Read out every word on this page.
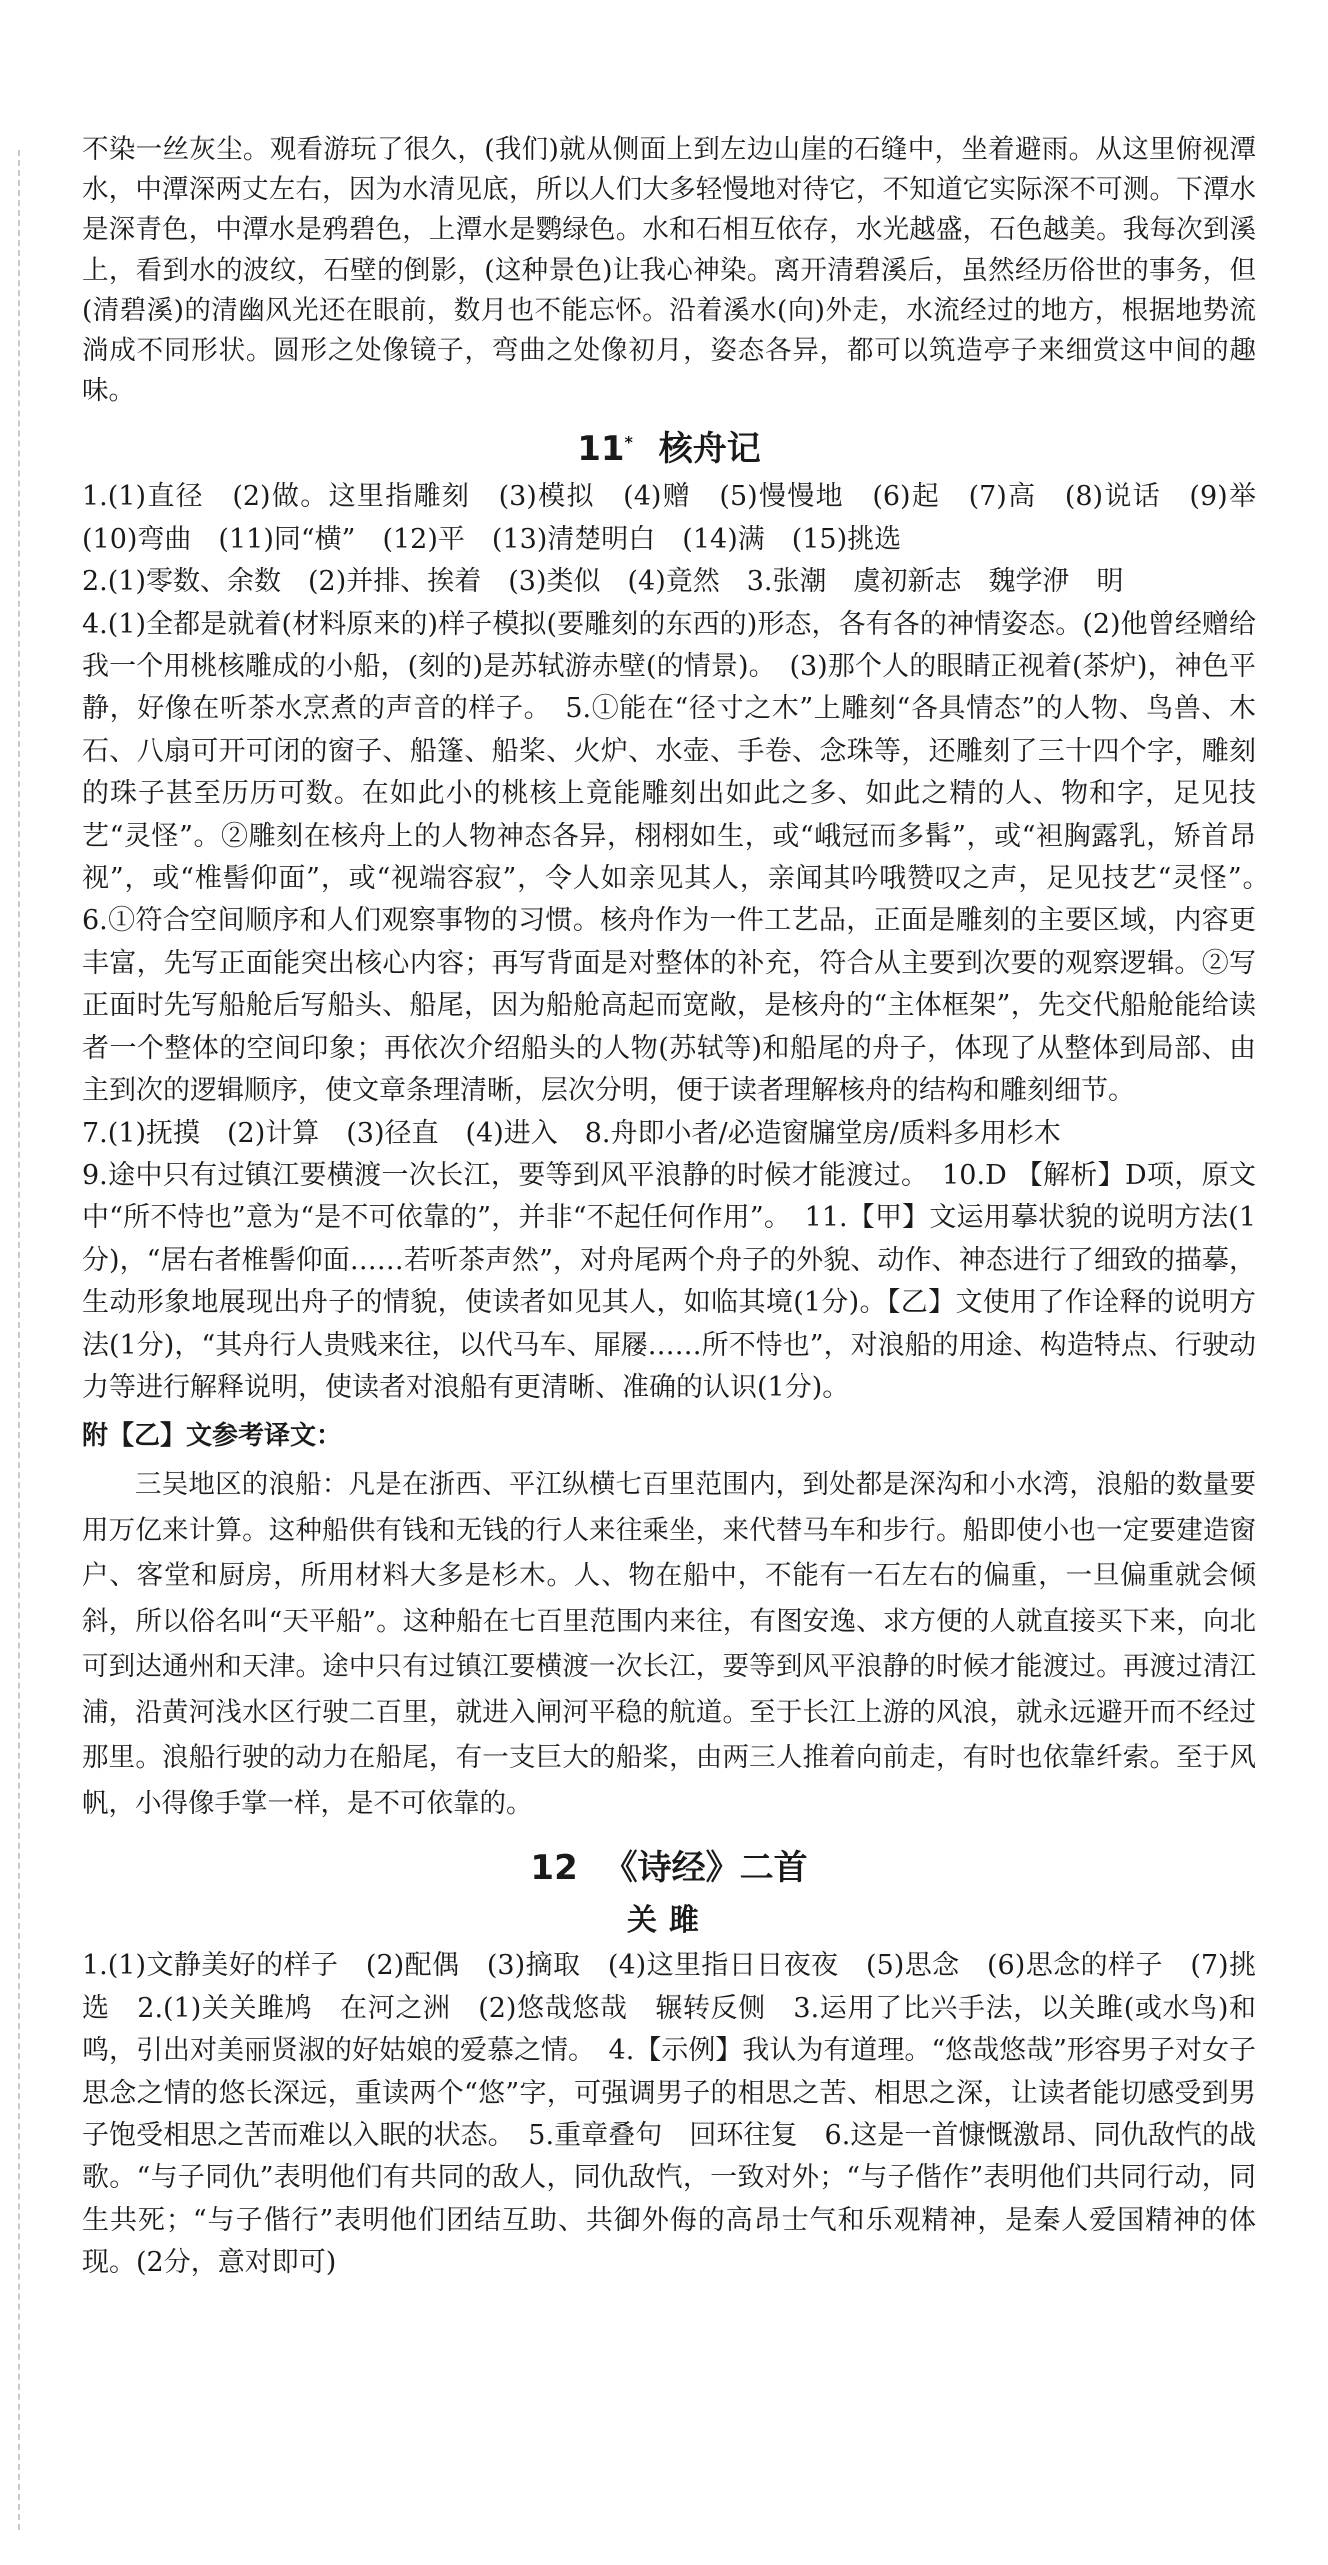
不染一丝灰尘。观看游玩了很久，(我们)就从侧面上到左边山崖的石缝中，坐着避雨。从这里俯视潭水，中潭深两丈左右，因为水清见底，所以人们大多轻慢地对待它，不知道它实际深不可测。下潭水是深青色，中潭水是鸦碧色，上潭水是鹦绿色。水和石相互依存，水光越盛，石色越美。我每次到溪上，看到水的波纹，石壁的倒影，(这种景色)让我心神染。离开清碧溪后，虽然经历俗世的事务，但(清碧溪)的清幽风光还在眼前，数月也不能忘怀。沿着溪水(向)外走，水流经过的地方，根据地势流淌成不同形状。圆形之处像镜子，弯曲之处像初月，姿态各异，都可以筑造亭子来细赏这中间的趣味。

11* 核舟记

1.(1)直径　(2)做。这里指雕刻　(3)模拟　(4)赠　(5)慢慢地　(6)起　(7)高　(8)说话　(9)举　(10)弯曲　(11)同“横”　(12)平　(13)清楚明白　(14)满　(15)挑选

2.(1)零数、余数　(2)并排、挨着　(3)类似　(4)竟然　3.张潮　虞初新志　魏学洢　明

4.(1)全都是就着(材料原来的)样子模拟(要雕刻的东西的)形态，各有各的神情姿态。(2)他曾经赠给我一个用桃核雕成的小船，(刻的)是苏轼游赤壁(的情景)。　(3)那个人的眼睛正视着(茶炉)，神色平静，好像在听茶水烹煮的声音的样子。　5.①能在“径寸之木”上雕刻“各具情态”的人物、鸟兽、木石、八扇可开可闭的窗子、船篷、船桨、火炉、水壶、手卷、念珠等，还雕刻了三十四个字，雕刻的珠子甚至历历可数。在如此小的桃核上竟能雕刻出如此之多、如此之精的人、物和字，足见技艺“灵怪”。②雕刻在核舟上的人物神态各异，栩栩如生，或“峨冠而多髯”，或“袒胸露乳，矫首昂视”，或“椎髻仰面”，或“视端容寂”，令人如亲见其人，亲闻其吟哦赞叹之声，足见技艺“灵怪”。　6.①符合空间顺序和人们观察事物的习惯。核舟作为一件工艺品，正面是雕刻的主要区域，内容更丰富，先写正面能突出核心内容；再写背面是对整体的补充，符合从主要到次要的观察逻辑。②写正面时先写船舱后写船头、船尾，因为船舱高起而宽敞，是核舟的“主体框架”，先交代船舱能给读者一个整体的空间印象；再依次介绍船头的人物(苏轼等)和船尾的舟子，体现了从整体到局部、由主到次的逻辑顺序，使文章条理清晰，层次分明，便于读者理解核舟的结构和雕刻细节。

7.(1)抚摸　(2)计算　(3)径直　(4)进入　8.舟即小者/必造窗牖堂房/质料多用杉木

9.途中只有过镇江要横渡一次长江，要等到风平浪静的时候才能渡过。　10.D 【解析】D项，原文中“所不恃也”意为“是不可依靠的”，并非“不起任何作用”。　11.【甲】文运用摹状貌的说明方法(1分)，“居右者椎髻仰面……若听茶声然”，对舟尾两个舟子的外貌、动作、神态进行了细致的描摹，生动形象地展现出舟子的情貌，使读者如见其人，如临其境(1分)。【乙】文使用了作诠释的说明方法(1分)，“其舟行人贵贱来往，以代马车、屝屦……所不恃也”，对浪船的用途、构造特点、行驶动力等进行解释说明，使读者对浪船有更清晰、准确的认识(1分)。

附【乙】文参考译文：

三吴地区的浪船：凡是在浙西、平江纵横七百里范围内，到处都是深沟和小水湾，浪船的数量要用万亿来计算。这种船供有钱和无钱的行人来往乘坐，来代替马车和步行。船即使小也一定要建造窗户、客堂和厨房，所用材料大多是杉木。人、物在船中，不能有一石左右的偏重，一旦偏重就会倾斜，所以俗名叫“天平船”。这种船在七百里范围内来往，有图安逸、求方便的人就直接买下来，向北可到达通州和天津。途中只有过镇江要横渡一次长江，要等到风平浪静的时候才能渡过。再渡过清江浦，沿黄河浅水区行驶二百里，就进入闸河平稳的航道。至于长江上游的风浪，就永远避开而不经过那里。浪船行驶的动力在船尾，有一支巨大的船桨，由两三人推着向前走，有时也依靠纤索。至于风帆，小得像手掌一样，是不可依靠的。

12 《诗经》二首
关雎

1.(1)文静美好的样子　(2)配偶　(3)摘取　(4)这里指日日夜夜　(5)思念　(6)思念的样子　(7)挑选　2.(1)关关雎鸠　在河之洲　(2)悠哉悠哉　辗转反侧　3.运用了比兴手法，以关雎(或水鸟)和鸣，引出对美丽贤淑的好姑娘的爱慕之情。　4.【示例】我认为有道理。“悠哉悠哉”形容男子对女子思念之情的悠长深远，重读两个“悠”字，可强调男子的相思之苦、相思之深，让读者能切感受到男子饱受相思之苦而难以入眠的状态。　5.重章叠句　回环往复　6.这是一首慷慨激昂、同仇敌忾的战歌。“与子同仇”表明他们有共同的敌人，同仇敌忾，一致对外；“与子偕作”表明他们共同行动，同生共死；“与子偕行”表明他们团结互助、共御外侮的高昂士气和乐观精神，是秦人爱国精神的体现。(2分，意对即可)
